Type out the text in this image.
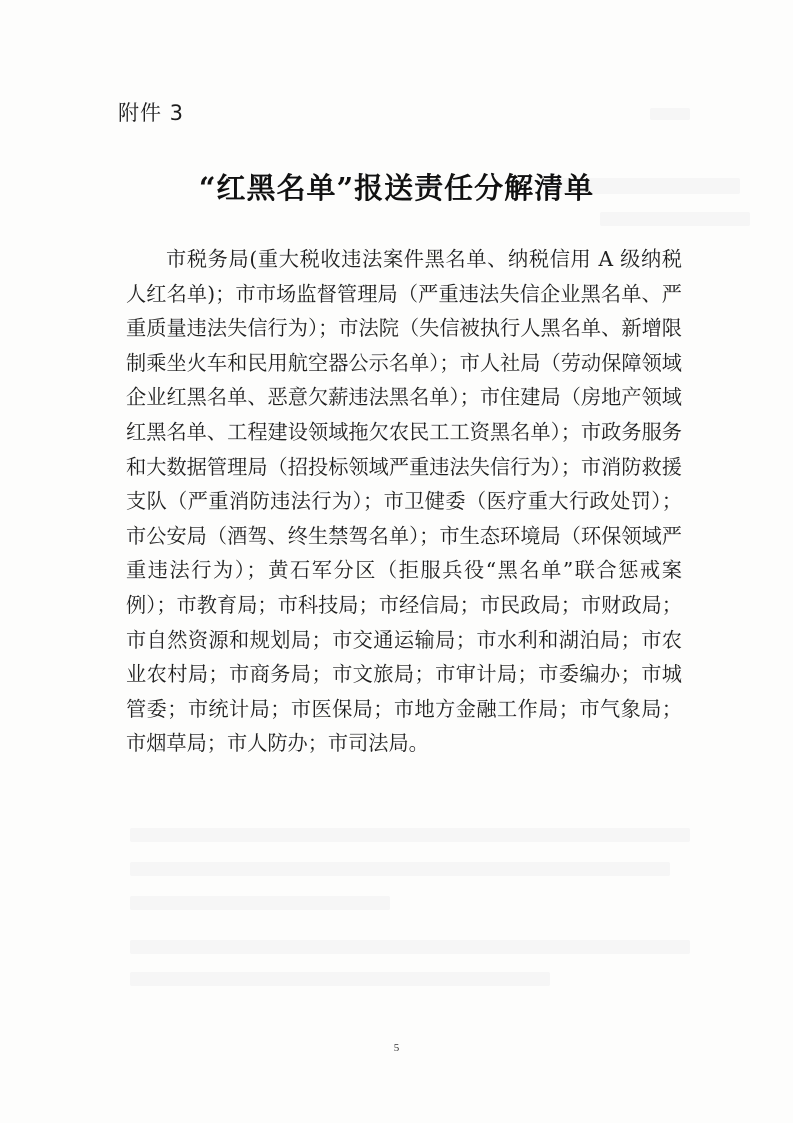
附件 3
“红黑名单”报送责任分解清单

市税务局(重大税收违法案件黑名单、纳税信用 A 级纳税人红名单)；市市场监督管理局（严重违法失信企业黑名单、严重质量违法失信行为）；市法院（失信被执行人黑名单、新增限制乘坐火车和民用航空器公示名单）；市人社局（劳动保障领域企业红黑名单、恶意欠薪违法黑名单）；市住建局（房地产领域红黑名单、工程建设领域拖欠农民工工资黑名单）；市政务服务和大数据管理局（招投标领域严重违法失信行为）；市消防救援支队（严重消防违法行为）；市卫健委（医疗重大行政处罚）；市公安局（酒驾、终生禁驾名单）；市生态环境局（环保领域严重违法行为）；黄石军分区（拒服兵役“黑名单”联合惩戒案例）；市教育局；市科技局；市经信局；市民政局；市财政局；市自然资源和规划局；市交通运输局；市水利和湖泊局；市农业农村局；市商务局；市文旅局；市审计局；市委编办；市城管委；市统计局；市医保局；市地方金融工作局；市气象局；市烟草局；市人防办；市司法局。

5
